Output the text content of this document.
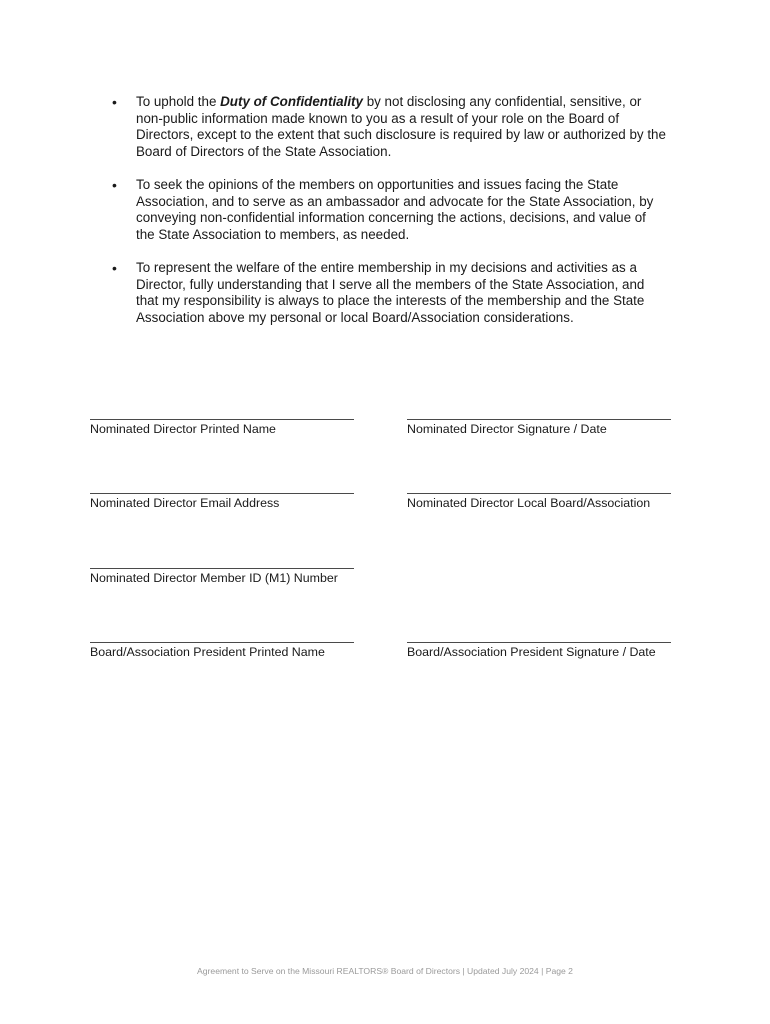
• To uphold the Duty of Confidentiality by not disclosing any confidential, sensitive, or non-public information made known to you as a result of your role on the Board of Directors, except to the extent that such disclosure is required by law or authorized by the Board of Directors of the State Association.
• To seek the opinions of the members on opportunities and issues facing the State Association, and to serve as an ambassador and advocate for the State Association, by conveying non-confidential information concerning the actions, decisions, and value of the State Association to members, as needed.
• To represent the welfare of the entire membership in my decisions and activities as a Director, fully understanding that I serve all the members of the State Association, and that my responsibility is always to place the interests of the membership and the State Association above my personal or local Board/Association considerations.
Nominated Director Printed Name	Nominated Director Signature / Date
Nominated Director Email Address	Nominated Director Local Board/Association
Nominated Director Member ID (M1) Number
Board/Association President Printed Name	Board/Association President Signature / Date
Agreement to Serve on the Missouri REALTORS® Board of Directors | Updated July 2024 | Page 2
